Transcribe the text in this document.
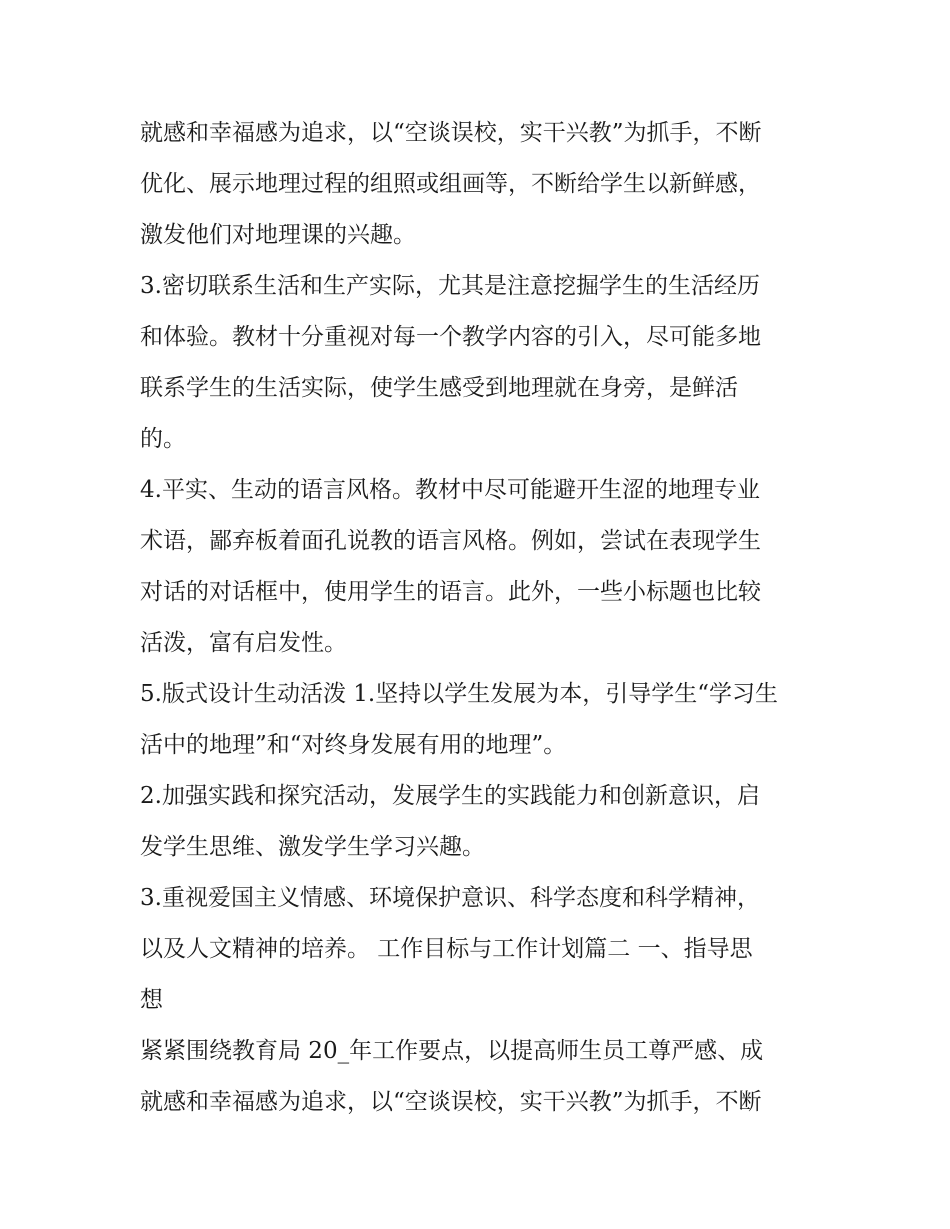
就感和幸福感为追求，以“空谈误校，实干兴教”为抓手，不断
优化、展示地理过程的组照或组画等，不断给学生以新鲜感，
激发他们对地理课的兴趣。
3.密切联系生活和生产实际，尤其是注意挖掘学生的生活经历
和体验。教材十分重视对每一个教学内容的引入，尽可能多地
联系学生的生活实际，使学生感受到地理就在身旁，是鲜活
的。
4.平实、生动的语言风格。教材中尽可能避开生涩的地理专业
术语，鄙弃板着面孔说教的语言风格。例如，尝试在表现学生
对话的对话框中，使用学生的语言。此外，一些小标题也比较
活泼，富有启发性。
5.版式设计生动活泼 1.坚持以学生发展为本，引导学生“学习生
活中的地理”和“对终身发展有用的地理”。
2.加强实践和探究活动，发展学生的实践能力和创新意识，启
发学生思维、激发学生学习兴趣。
3.重视爱国主义情感、环境保护意识、科学态度和科学精神，
以及人文精神的培养。 工作目标与工作计划篇二 一、指导思
想
紧紧围绕教育局 20_年工作要点，以提高师生员工尊严感、成
就感和幸福感为追求，以“空谈误校，实干兴教”为抓手，不断
